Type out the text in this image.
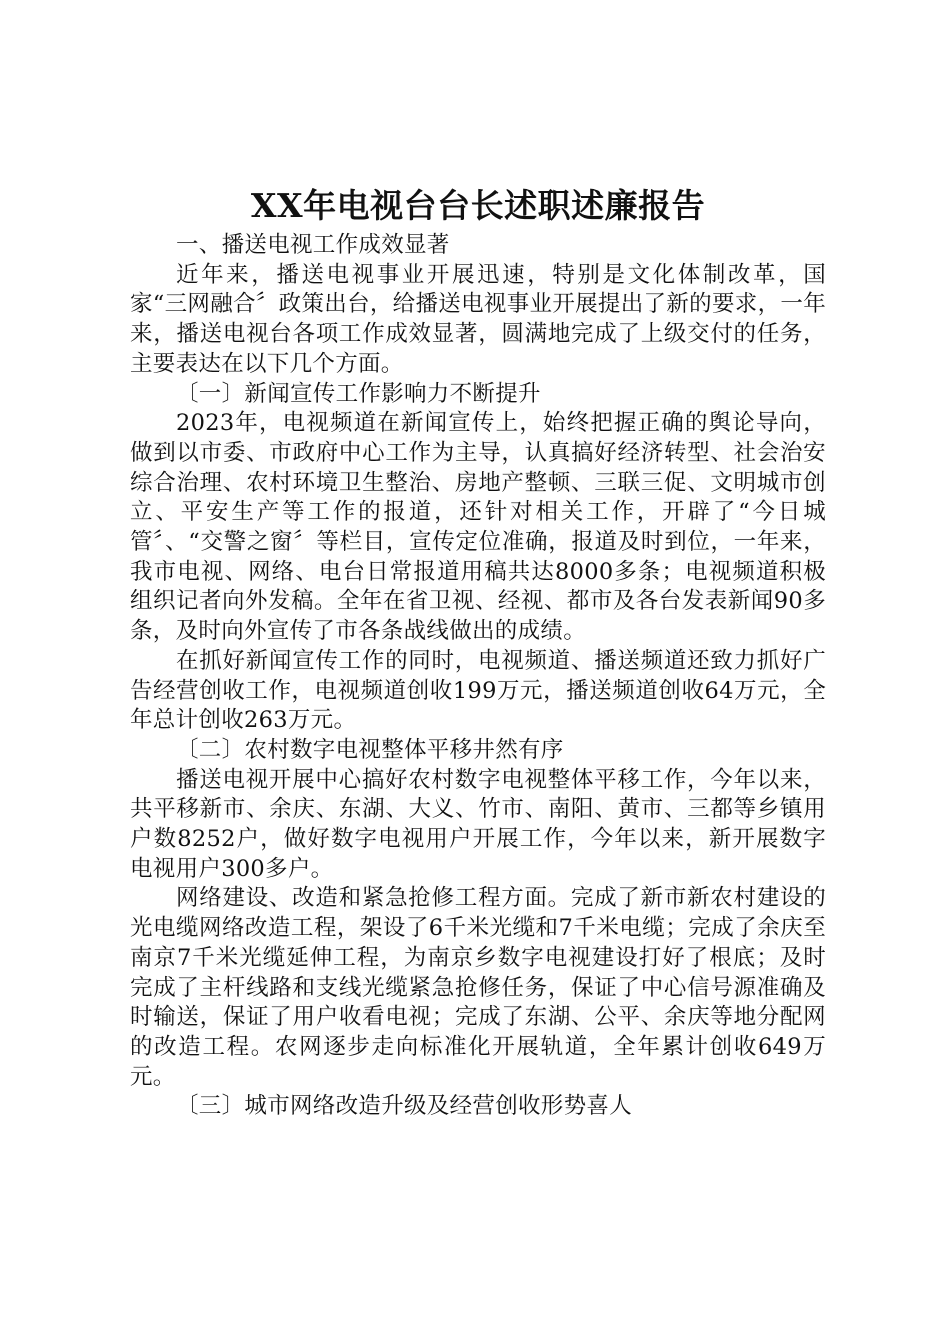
XX年电视台台长述职述廉报告
一、播送电视工作成效显著
近年来，播送电视事业开展迅速，特别是文化体制改革，国家“三网融合〞政策出台，给播送电视事业开展提出了新的要求，一年来，播送电视台各项工作成效显著，圆满地完成了上级交付的任务，主要表达在以下几个方面。
〔一〕新闻宣传工作影响力不断提升
2023年，电视频道在新闻宣传上，始终把握正确的舆论导向，做到以市委、市政府中心工作为主导，认真搞好经济转型、社会治安综合治理、农村环境卫生整治、房地产整顿、三联三促、文明城市创立、平安生产等工作的报道，还针对相关工作，开辟了“今日城管〞、“交警之窗〞等栏目，宣传定位准确，报道及时到位，一年来，我市电视、网络、电台日常报道用稿共达8000多条；电视频道积极组织记者向外发稿。全年在省卫视、经视、都市及各台发表新闻90多条，及时向外宣传了市各条战线做出的成绩。
在抓好新闻宣传工作的同时，电视频道、播送频道还致力抓好广告经营创收工作，电视频道创收199万元，播送频道创收64万元，全年总计创收263万元。
〔二〕农村数字电视整体平移井然有序
播送电视开展中心搞好农村数字电视整体平移工作，今年以来，共平移新市、余庆、东湖、大义、竹市、南阳、黄市、三都等乡镇用户数8252户，做好数字电视用户开展工作，今年以来，新开展数字电视用户300多户。
网络建设、改造和紧急抢修工程方面。完成了新市新农村建设的光电缆网络改造工程，架设了6千米光缆和7千米电缆；完成了余庆至南京7千米光缆延伸工程，为南京乡数字电视建设打好了根底；及时完成了主杆线路和支线光缆紧急抢修任务，保证了中心信号源准确及时输送，保证了用户收看电视；完成了东湖、公平、余庆等地分配网的改造工程。农网逐步走向标准化开展轨道，全年累计创收649万元。
〔三〕城市网络改造升级及经营创收形势喜人
